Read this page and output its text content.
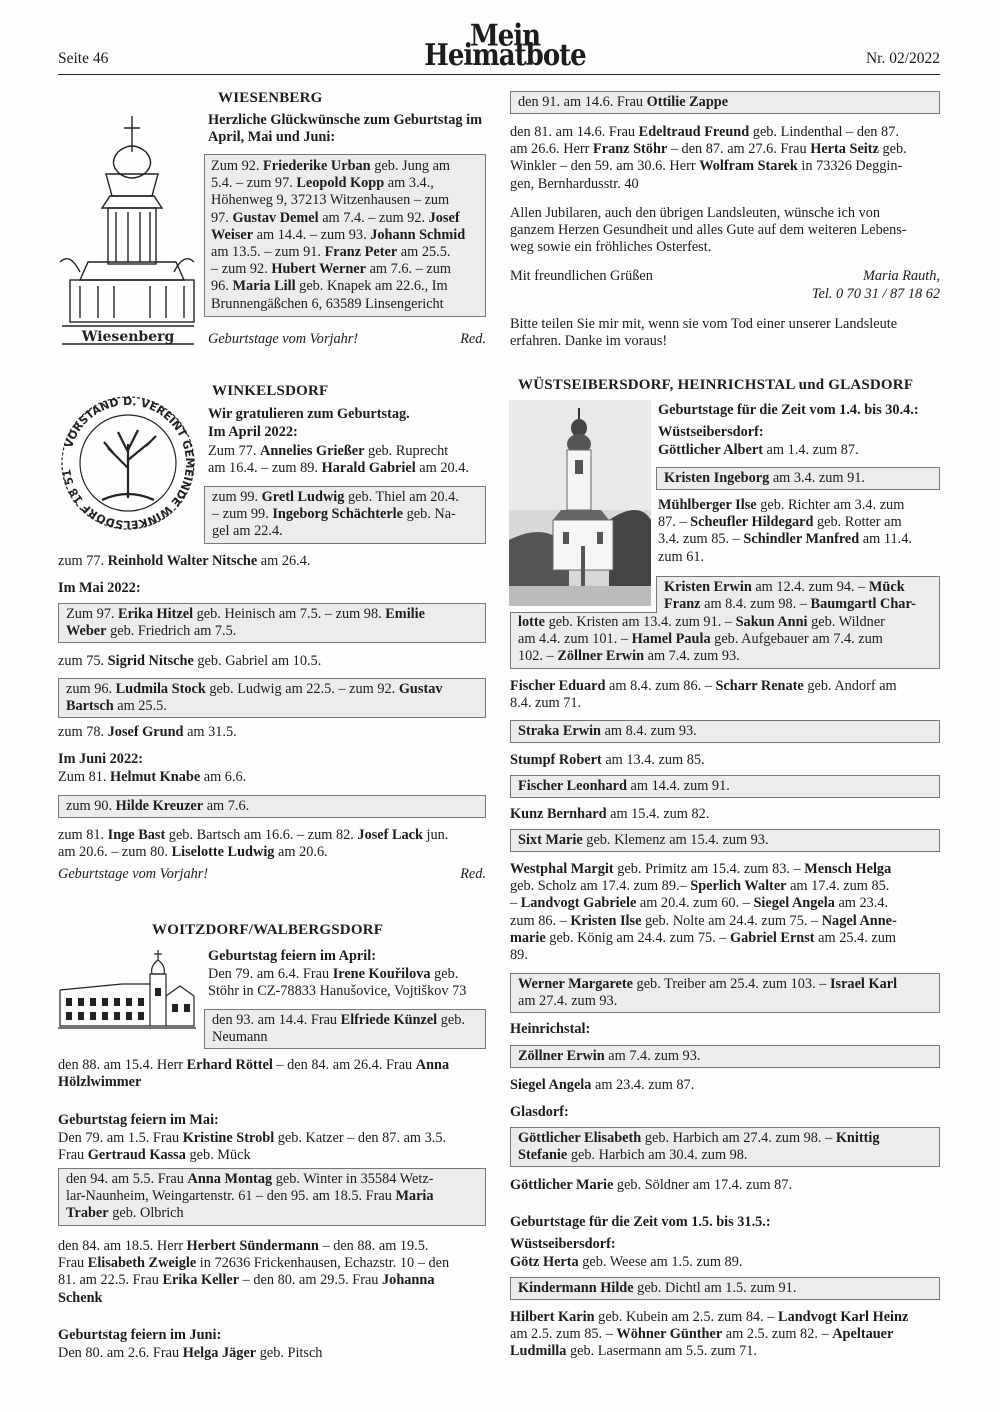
Seite 46
Mein Heimatbote	Nr. 02/2022
Wiesenberg
WIESENBERG
Herzliche Glückwünsche zum Geburtstag im April, Mai und Juni:
Zum 92. Friederike Urban geb. Jung am
5.4. – zum 97. Leopold Kopp am 3.4.,
Höhenweg 9, 37213 Witzenhausen – zum
97. Gustav Demel am 7.4. – zum 92. Josef
Weiser am 14.4. – zum 93. Johann Schmid
am 13.5. – zum 91. Franz Peter am 25.5.
– zum 92. Hubert Werner am 7.6. – zum
96. Maria Lill geb. Knapek am 22.6., Im
Brunnengäßchen 6, 63589 Linsengericht
Geburtstage vom Vorjahr!	Red.
VORSTAND D. VEREINT GEMEINDE WINKELSDORF 18 51
WINKELSDORF
Wir gratulieren zum Geburtstag.
Im April 2022:
Zum 77. Annelies Grießer geb. Ruprecht
am 16.4. – zum 89. Harald Gabriel am 20.4.
zum 99. Gretl Ludwig geb. Thiel am 20.4.
– zum 99. Ingeborg Schächterle geb. Na-
gel am 22.4.
zum 77. Reinhold Walter Nitsche am 26.4.
Im Mai 2022:
Zum 97. Erika Hitzel geb. Heinisch am 7.5. – zum 98. Emilie
Weber geb. Friedrich am 7.5.
zum 75. Sigrid Nitsche geb. Gabriel am 10.5.
zum 96. Ludmila Stock geb. Ludwig am 22.5. – zum 92. Gustav
Bartsch am 25.5.
zum 78. Josef Grund am 31.5.
Im Juni 2022:
Zum 81. Helmut Knabe am 6.6.
zum 90. Hilde Kreuzer am 7.6.
zum 81. Inge Bast geb. Bartsch am 16.6. – zum 82. Josef Lack jun.
am 20.6. – zum 80. Liselotte Ludwig am 20.6.
Geburtstage vom Vorjahr!	Red.
WOITZDORF/WALBERGSDORF
Geburtstag feiern im April:
Den 79. am 6.4. Frau Irene Kouřilova geb.
Stöhr in CZ-78833 Hanušovice, Vojtiškov 73
den 93. am 14.4. Frau Elfriede Künzel geb.
Neumann
den 88. am 15.4. Herr Erhard Röttel – den 84. am 26.4. Frau Anna
Hölzlwimmer
Geburtstag feiern im Mai:
Den 79. am 1.5. Frau Kristine Strobl geb. Katzer – den 87. am 3.5.
Frau Gertraud Kassa geb. Mück
den 94. am 5.5. Frau Anna Montag geb. Winter in 35584 Wetz-
lar-Naunheim, Weingartenstr. 61 – den 95. am 18.5. Frau Maria
Traber geb. Olbrich
den 84. am 18.5. Herr Herbert Sündermann – den 88. am 19.5.
Frau Elisabeth Zweigle in 72636 Frickenhausen, Echazstr. 10 – den
81. am 22.5. Frau Erika Keller – den 80. am 29.5. Frau Johanna
Schenk
Geburtstag feiern im Juni:
Den 80. am 2.6. Frau Helga Jäger geb. Pitsch
den 91. am 14.6. Frau Ottilie Zappe
den 81. am 14.6. Frau Edeltraud Freund geb. Lindenthal – den 87.
am 26.6. Herr Franz Stöhr – den 87. am 27.6. Frau Herta Seitz geb.
Winkler – den 59. am 30.6. Herr Wolfram Starek in 73326 Deggin-
gen, Bernhardusstr. 40
Allen Jubilaren, auch den übrigen Landsleuten, wünsche ich von
ganzem Herzen Gesundheit und alles Gute auf dem weiteren Lebens-
weg sowie ein fröhliches Osterfest.
Mit freundlichen Grüßen	Maria Rauth,
Tel. 0 70 31 / 87 18 62
Bitte teilen Sie mir mit, wenn sie vom Tod einer unserer Landsleute
erfahren. Danke im voraus!
WÜSTSEIBERSDORF, HEINRICHSTAL und GLASDORF
Geburtstage für die Zeit vom 1.4. bis 30.4.:
Wüstseibersdorf:
Göttlicher Albert am 1.4. zum 87.
Kristen Ingeborg am 3.4. zum 91.
Mühlberger Ilse geb. Richter am 3.4. zum
87. – Scheufler Hildegard geb. Rotter am
3.4. zum 85. – Schindler Manfred am 11.4.
zum 61.
Kristen Erwin am 12.4. zum 94. – Mück
Franz am 8.4. zum 98. – Baumgartl Char-
lotte geb. Kristen am 13.4. zum 91. – Sakun Anni geb. Wildner
am 4.4. zum 101. – Hamel Paula geb. Aufgebauer am 7.4. zum
102. – Zöllner Erwin am 7.4. zum 93.
Fischer Eduard am 8.4. zum 86. – Scharr Renate geb. Andorf am
8.4. zum 71.
Straka Erwin am 8.4. zum 93.
Stumpf Robert am 13.4. zum 85.
Fischer Leonhard am 14.4. zum 91.
Kunz Bernhard am 15.4. zum 82.
Sixt Marie geb. Klemenz am 15.4. zum 93.
Westphal Margit geb. Primitz am 15.4. zum 83. – Mensch Helga
geb. Scholz am 17.4. zum 89.– Sperlich Walter am 17.4. zum 85.
– Landvogt Gabriele am 20.4. zum 60. – Siegel Angela am 23.4.
zum 86. – Kristen Ilse geb. Nolte am 24.4. zum 75. – Nagel Anne-
marie geb. König am 24.4. zum 75. – Gabriel Ernst am 25.4. zum
89.
Werner Margarete geb. Treiber am 25.4. zum 103. – Israel Karl
am 27.4. zum 93.
Heinrichstal:
Zöllner Erwin am 7.4. zum 93.
Siegel Angela am 23.4. zum 87.
Glasdorf:
Göttlicher Elisabeth geb. Harbich am 27.4. zum 98. – Knittig
Stefanie geb. Harbich am 30.4. zum 98.
Göttlicher Marie geb. Söldner am 17.4. zum 87.
Geburtstage für die Zeit vom 1.5. bis 31.5.:
Wüstseibersdorf:
Götz Herta geb. Weese am 1.5. zum 89.
Kindermann Hilde geb. Dichtl am 1.5. zum 91.
Hilbert Karin geb. Kubein am 2.5. zum 84. – Landvogt Karl Heinz
am 2.5. zum 85. – Wöhner Günther am 2.5. zum 82. – Apeltauer
Ludmilla geb. Lasermann am 5.5. zum 71.
